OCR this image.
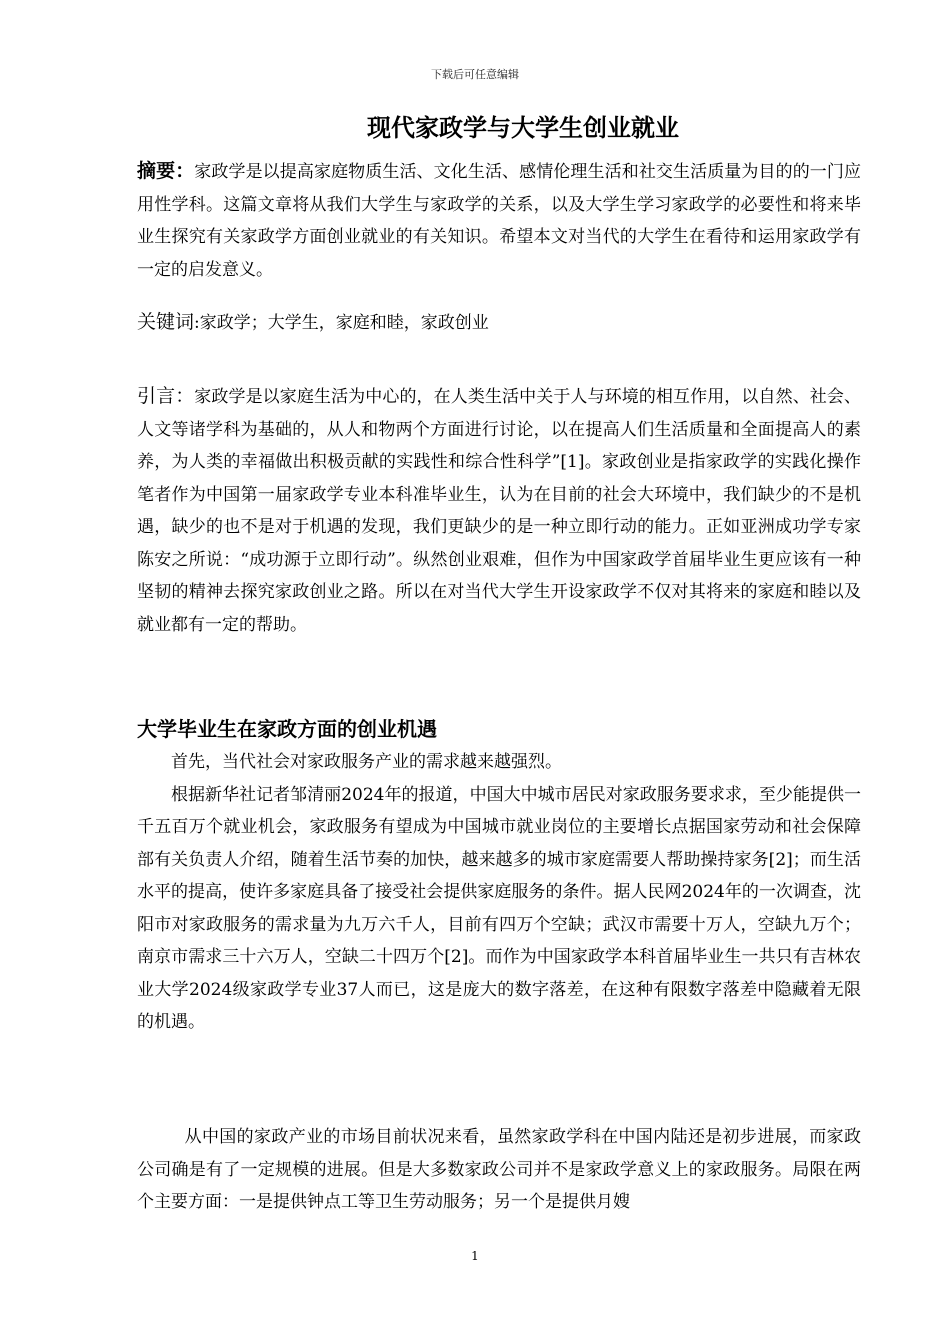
下载后可任意编辑
现代家政学与大学生创业就业

摘要：家政学是以提高家庭物质生活、文化生活、感情伦理生活和社交生活质量为目的的一门应用性学科。这篇文章将从我们大学生与家政学的关系，以及大学生学习家政学的必要性和将来毕业生探究有关家政学方面创业就业的有关知识。希望本文对当代的大学生在看待和运用家政学有一定的启发意义。

关键词:家政学；大学生，家庭和睦，家政创业

引言：家政学是以家庭生活为中心的，在人类生活中关于人与环境的相互作用，以自然、社会、人文等诸学科为基础的，从人和物两个方面进行讨论，以在提高人们生活质量和全面提高人的素养，为人类的幸福做出积极贡献的实践性和综合性科学”[1]。家政创业是指家政学的实践化操作笔者作为中国第一届家政学专业本科准毕业生，认为在目前的社会大环境中，我们缺少的不是机遇，缺少的也不是对于机遇的发现，我们更缺少的是一种立即行动的能力。正如亚洲成功学专家陈安之所说：“成功源于立即行动”。纵然创业艰难，但作为中国家政学首届毕业生更应该有一种坚韧的精神去探究家政创业之路。所以在对当代大学生开设家政学不仅对其将来的家庭和睦以及就业都有一定的帮助。

大学毕业生在家政方面的创业机遇

首先，当代社会对家政服务产业的需求越来越强烈。

根据新华社记者邹清丽2024年的报道，中国大中城市居民对家政服务要求求，至少能提供一千五百万个就业机会，家政服务有望成为中国城市就业岗位的主要增长点据国家劳动和社会保障部有关负责人介绍，随着生活节奏的加快，越来越多的城市家庭需要人帮助操持家务[2]；而生活水平的提高，使许多家庭具备了接受社会提供家庭服务的条件。据人民网2024年的一次调查，沈阳市对家政服务的需求量为九万六千人，目前有四万个空缺；武汉市需要十万人，空缺九万个；南京市需求三十六万人，空缺二十四万个[2]。而作为中国家政学本科首届毕业生一共只有吉林农业大学2024级家政学专业37人而已，这是庞大的数字落差，在这种有限数字落差中隐藏着无限的机遇。

从中国的家政产业的市场目前状况来看，虽然家政学科在中国内陆还是初步进展，而家政公司确是有了一定规模的进展。但是大多数家政公司并不是家政学意义上的家政服务。局限在两个主要方面：一是提供钟点工等卫生劳动服务；另一个是提供月嫂

1
